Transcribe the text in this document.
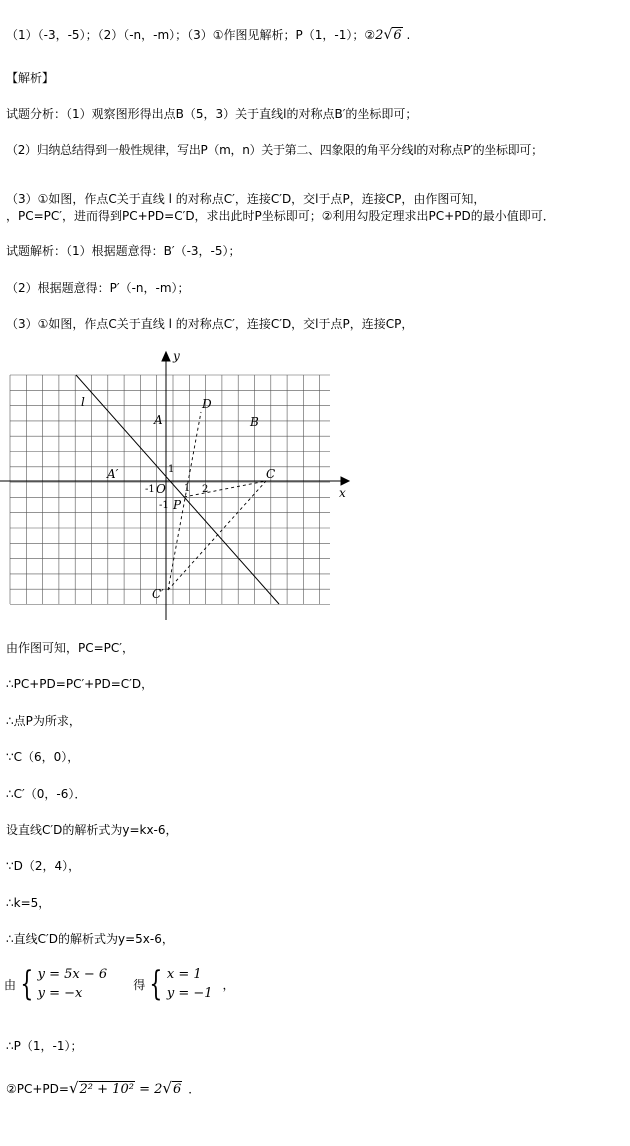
（1）（-3，-5）；（2）（-n，-m）；（3）①作图见解析；P（1，-1）；②2√6 .
【解析】
试题分析：（1）观察图形得出点B（5，3）关于直线l的对称点B′的坐标即可；
（2）归纳总结得到一般性规律，写出P（m，n）关于第二、四象限的角平分线l的对称点P′的坐标即可；
（3）①如图，作点C关于直线 l 的对称点C′，连接C′D，交l于点P，连接CP，由作图可知，
，PC=PC′，进而得到PC+PD=C′D，求出此时P坐标即可；②利用勾股定理求出PC+PD的最小值即可．
试题解析：（1）根据题意得：B′（-3，-5）；
（2）根据题意得：P′（-n，-m）；
（3）①如图，作点C关于直线 l 的对称点C′，连接C′D，交l于点P，连接CP，
x
y
l
A
D
B
A′	C
P
C′
O
1
-1	1 2
-1
由作图可知，PC=PC′，
∴PC+PD=PC′+PD=C′D，
∴点P为所求，
∵C（6，0），
∴C′（0，-6）．
设直线C′D的解析式为y=kx-6，
∵D（2，4），
∴k=5，
∴直线C′D的解析式为y=5x-6，
由 { y = 5x − 6
y = −x
得 { x = 1
y = −1
，
∴P（1，-1）；
②PC+PD=√2² + 10² = 2√6 ．
